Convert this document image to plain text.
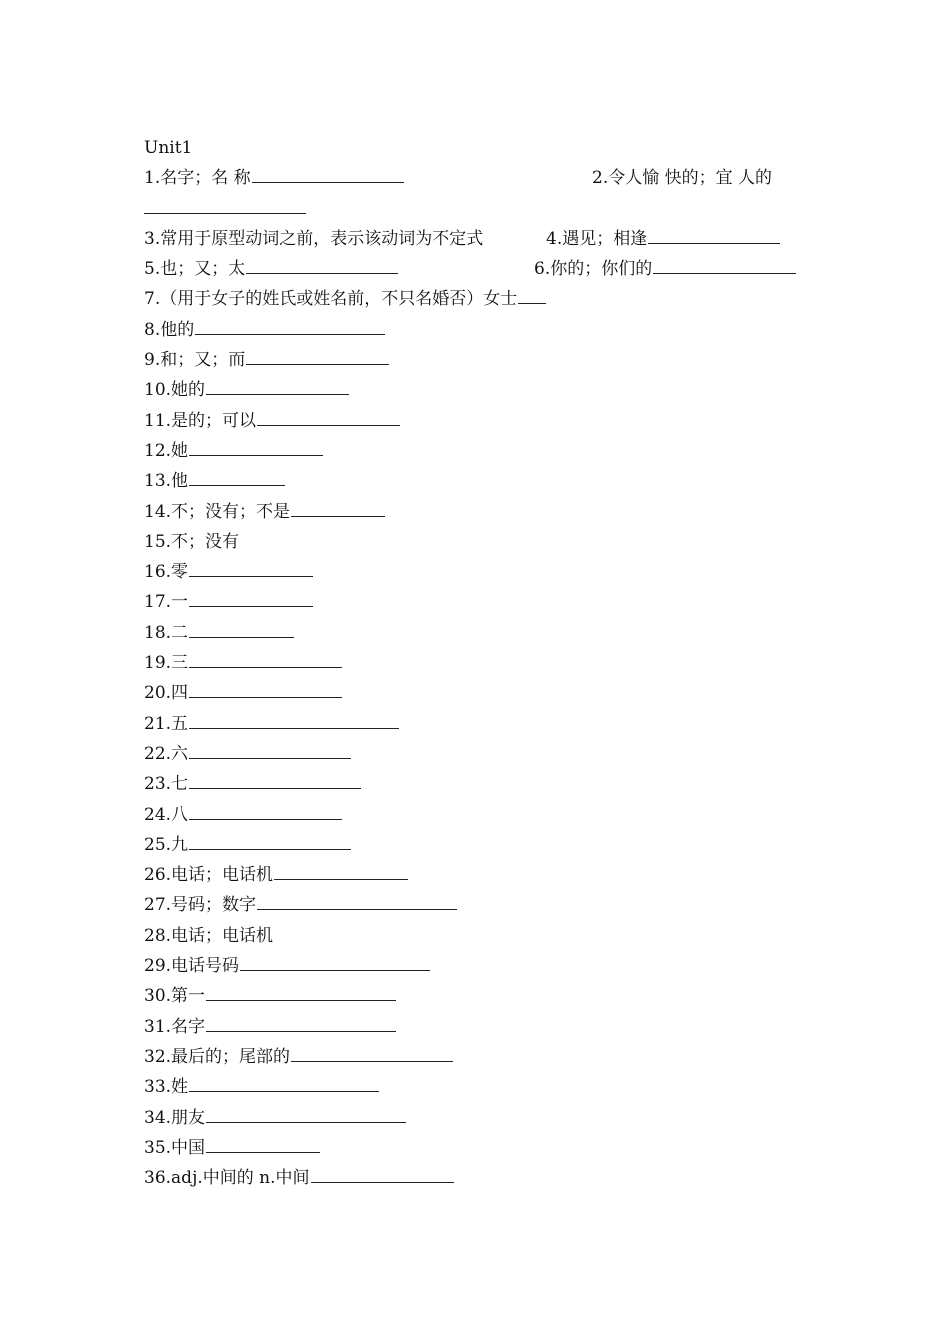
Unit1
1.名字；名 称	2.令人愉 快的；宜 人的
3.常用于原型动词之前，表示该动词为不定式	4.遇见；相逢
5.也；又；太	6.你的；你们的
7.（用于女子的姓氏或姓名前，不只名婚否）女士
8.他的
9.和；又；而
10.她的
11.是的；可以
12.她
13.他
14.不；没有；不是
15.不；没有
16.零
17.一
18.二
19.三
20.四
21.五
22.六
23.七
24.八
25.九
26.电话；电话机
27.号码；数字
28.电话；电话机
29.电话号码
30.第一
31.名字
32.最后的；尾部的
33.姓
34.朋友
35.中国
36.adj.中间的 n.中间
